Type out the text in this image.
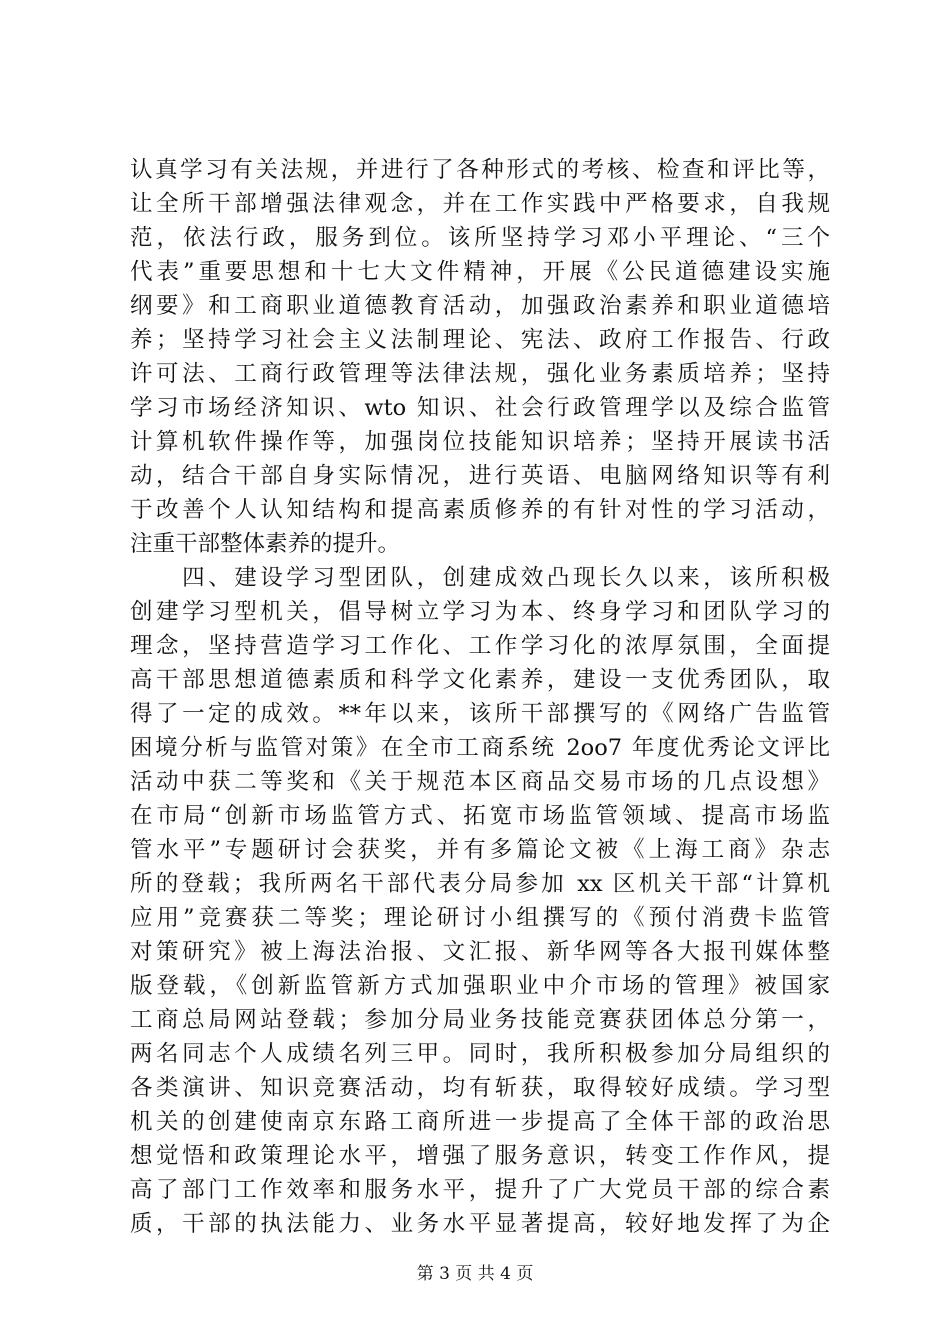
认真学习有关法规，并进行了各种形式的考核、检查和评比等，
让全所干部增强法律观念，并在工作实践中严格要求，自我规
范，依法行政，服务到位。该所坚持学习邓小平理论、“三个
代表”重要思想和十七大文件精神，开展《公民道德建设实施
纲要》和工商职业道德教育活动，加强政治素养和职业道德培
养；坚持学习社会主义法制理论、宪法、政府工作报告、行政
许可法、工商行政管理等法律法规，强化业务素质培养；坚持
学习市场经济知识、wto 知识、社会行政管理学以及综合监管
计算机软件操作等，加强岗位技能知识培养；坚持开展读书活
动，结合干部自身实际情况，进行英语、电脑网络知识等有利
于改善个人认知结构和提高素质修养的有针对性的学习活动，
注重干部整体素养的提升。
　　四、建设学习型团队，创建成效凸现长久以来，该所积极
创建学习型机关，倡导树立学习为本、终身学习和团队学习的
理念，坚持营造学习工作化、工作学习化的浓厚氛围，全面提
高干部思想道德素质和科学文化素养，建设一支优秀团队，取
得了一定的成效。**年以来，该所干部撰写的《网络广告监管
困境分析与监管对策》在全市工商系统 2oo7 年度优秀论文评比
活动中获二等奖和《关于规范本区商品交易市场的几点设想》
在市局“创新市场监管方式、拓宽市场监管领域、提高市场监
管水平”专题研讨会获奖，并有多篇论文被《上海工商》杂志
所的登载；我所两名干部代表分局参加 xx 区机关干部“计算机
应用”竞赛获二等奖；理论研讨小组撰写的《预付消费卡监管
对策研究》被上海法治报、文汇报、新华网等各大报刊媒体整
版登载，《创新监管新方式加强职业中介市场的管理》被国家
工商总局网站登载；参加分局业务技能竞赛获团体总分第一，
两名同志个人成绩名列三甲。同时，我所积极参加分局组织的
各类演讲、知识竞赛活动，均有斩获，取得较好成绩。学习型
机关的创建使南京东路工商所进一步提高了全体干部的政治思
想觉悟和政策理论水平，增强了服务意识，转变工作作风，提
高了部门工作效率和服务水平，提升了广大党员干部的综合素
质，干部的执法能力、业务水平显著提高，较好地发挥了为企
第 3 页 共 4 页
